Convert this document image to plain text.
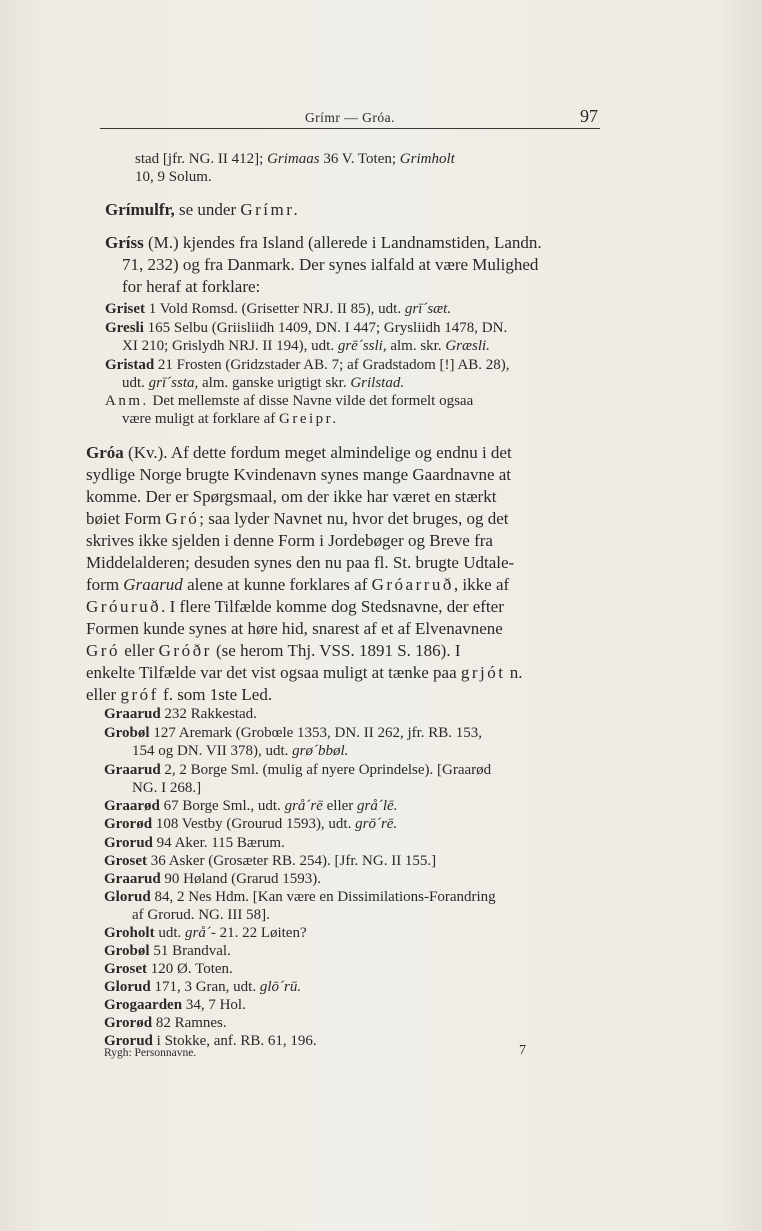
Grímr — Gróa.	97
stad [jfr. NG. II 412]; Grimaas 36 V. Toten; Grimholt
10, 9 Solum.
Grímulfr, se under Grímr.
Gríss (M.) kjendes fra Island (allerede i Landnamstiden, Landn.
71, 232) og fra Danmark. Der synes ialfald at være Mulighed
for heraf at forklare:
Griset 1 Vold Romsd. (Grisetter NRJ. II 85), udt. grī´sæt.
Gresli 165 Selbu (Griisliidh 1409, DN. I 447; Grysliidh 1478, DN.
XI 210; Grislydh NRJ. II 194), udt. grē´ssli, alm. skr. Græsli.
Gristad 21 Frosten (Gridzstader AB. 7; af Gradstadom [!] AB. 28),
udt. grī´ssta, alm. ganske urigtigt skr. Grilstad.
Anm. Det mellemste af disse Navne vilde det formelt ogsaa
være muligt at forklare af Greipr.
Gróa (Kv.). Af dette fordum meget almindelige og endnu i det
sydlige Norge brugte Kvindenavn synes mange Gaardnavne at
komme. Der er Spørgsmaal, om der ikke har været en stærkt
bøiet Form Gró; saa lyder Navnet nu, hvor det bruges, og det
skrives ikke sjelden i denne Form i Jordebøger og Breve fra
Middelalderen; desuden synes den nu paa fl. St. brugte Udtale-
form Graarud alene at kunne forklares af Gróarruð, ikke af
Gróuruð. I flere Tilfælde komme dog Stedsnavne, der efter
Formen kunde synes at høre hid, snarest af et af Elvenavnene
Gró eller Gróðr (se herom Thj. VSS. 1891 S. 186). I
enkelte Tilfælde var det vist ogsaa muligt at tænke paa grjót n.
eller gróf f. som 1ste Led.
Graarud 232 Rakkestad.
Grobøl 127 Aremark (Grobœle 1353, DN. II 262, jfr. RB. 153,
154 og DN. VII 378), udt. grø´bbøl.
Graarud 2, 2 Borge Sml. (mulig af nyere Oprindelse). [Graarød
NG. I 268.]
Graarød 67 Borge Sml., udt. grå´rē eller grå´lē.
Grorød 108 Vestby (Grourud 1593), udt. grō´rē.
Grorud 94 Aker. 115 Bærum.
Groset 36 Asker (Grosæter RB. 254). [Jfr. NG. II 155.]
Graarud 90 Høland (Grarud 1593).
Glorud 84, 2 Nes Hdm. [Kan være en Dissimilations-Forandring
af Grorud. NG. III 58].
Groholt udt. grå´- 21. 22 Løiten?
Grobøl 51 Brandval.
Groset 120 Ø. Toten.
Glorud 171, 3 Gran, udt. glō´rū.
Grogaarden 34, 7 Hol.
Grorød 82 Ramnes.
Grorud i Stokke, anf. RB. 61, 196.
Rygh: Personnavne.	7
